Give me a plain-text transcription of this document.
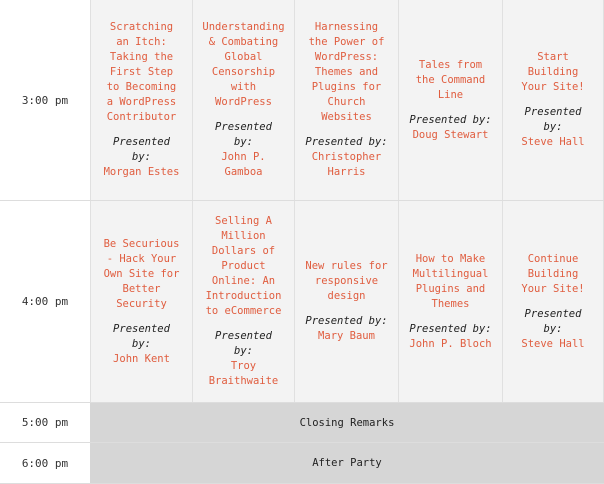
3:00 pm
Scratching an Itch: Taking the First Step to Becoming a WordPress Contributor
Presented by:
Morgan Estes
Understanding & Combating Global Censorship with WordPress
Presented by:
John P. Gamboa
Harnessing the Power of WordPress: Themes and Plugins for Church Websites
Presented by:
Christopher Harris
Tales from the Command Line
Presented by:
Doug Stewart
Start Building Your Site!
Presented by:
Steve Hall
4:00 pm
Be Securious - Hack Your Own Site for Better Security
Presented by:
John Kent
Selling A Million Dollars of Product Online: An Introduction to eCommerce
Presented by:
Troy Braithwaite
New rules for responsive design
Presented by:
Mary Baum
How to Make Multilingual Plugins and Themes
Presented by:
John P. Bloch
Continue Building Your Site!
Presented by:
Steve Hall
5:00 pm	Closing Remarks
6:00 pm	After Party
